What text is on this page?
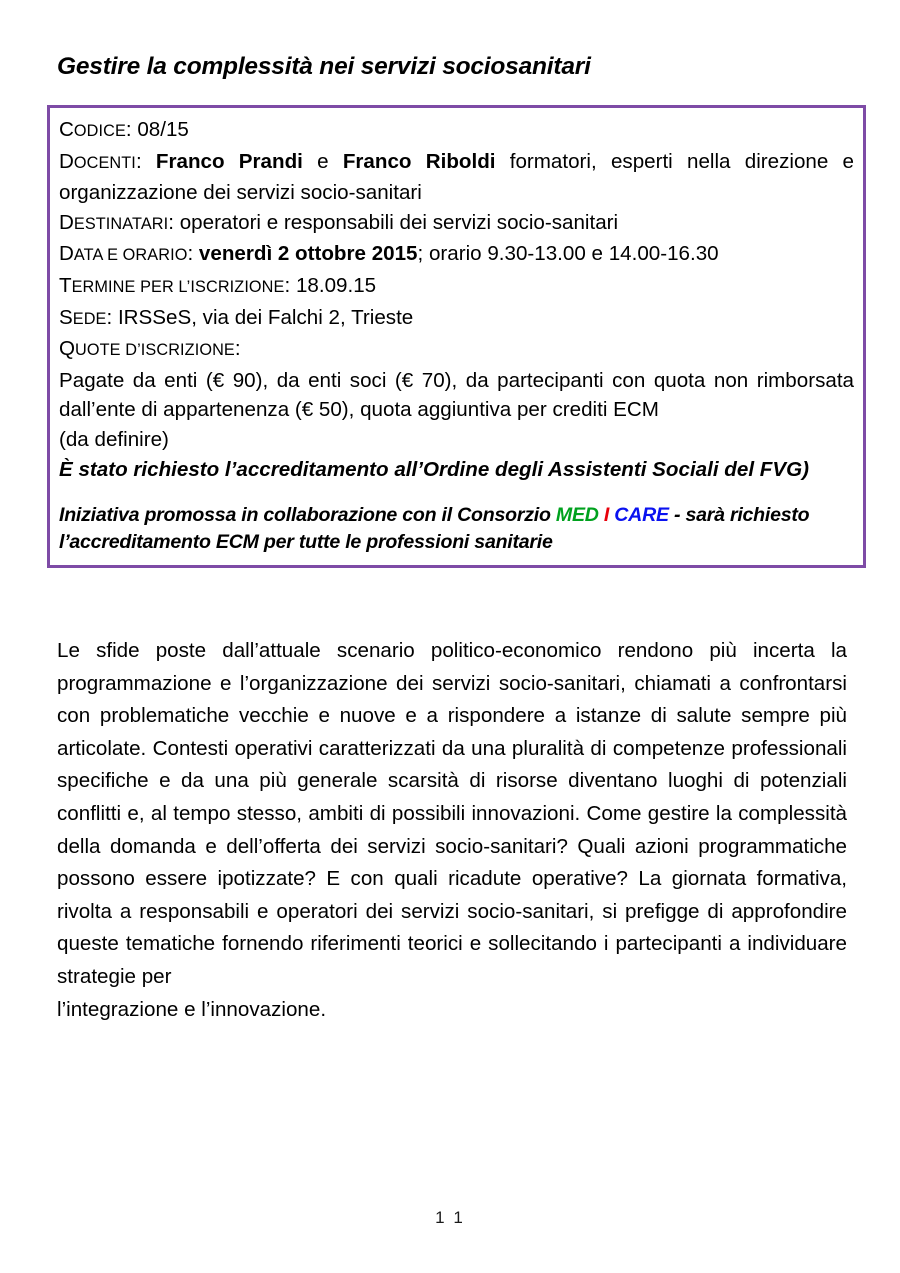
Gestire la complessità nei servizi sociosanitari
CODICE: 08/15
DOCENTI: Franco Prandi e Franco Riboldi formatori, esperti nella direzione e organizzazione dei servizi socio-sanitari
DESTINATARI: operatori e responsabili dei servizi socio-sanitari
DATA E ORARIO: venerdì 2 ottobre 2015; orario 9.30-13.00 e 14.00-16.30
TERMINE PER L’ISCRIZIONE: 18.09.15
SEDE: IRSSeS, via dei Falchi 2, Trieste
QUOTE D’ISCRIZIONE:

Pagate da enti (€ 90), da enti soci (€ 70), da partecipanti con quota non rimborsata dall’ente di appartenenza (€ 50), quota aggiuntiva per crediti ECM
(da definire)

È stato richiesto l’accreditamento all’Ordine degli Assistenti Sociali del FVG)

Iniziativa promossa in collaborazione con il Consorzio MED I CARE - sarà richiesto l’accreditamento ECM per tutte le professioni sanitarie

Le sfide poste dall’attuale scenario politico-economico rendono più incerta la programmazione e l’organizzazione dei servizi socio-sanitari, chiamati a confrontarsi con problematiche vecchie e nuove e a rispondere a istanze di salute sempre più articolate. Contesti operativi caratterizzati da una pluralità di competenze professionali specifiche e da una più generale scarsità di risorse diventano luoghi di potenziali conflitti e, al tempo stesso, ambiti di possibili innovazioni. Come gestire la complessità della domanda e dell’offerta dei servizi socio-sanitari? Quali azioni programmatiche possono essere ipotizzate? E con quali ricadute operative? La giornata formativa, rivolta a responsabili e operatori dei servizi socio-sanitari, si prefigge di approfondire queste tematiche fornendo riferimenti teorici e sollecitando i partecipanti a individuare strategie per
l’integrazione e l’innovazione.

1 1
